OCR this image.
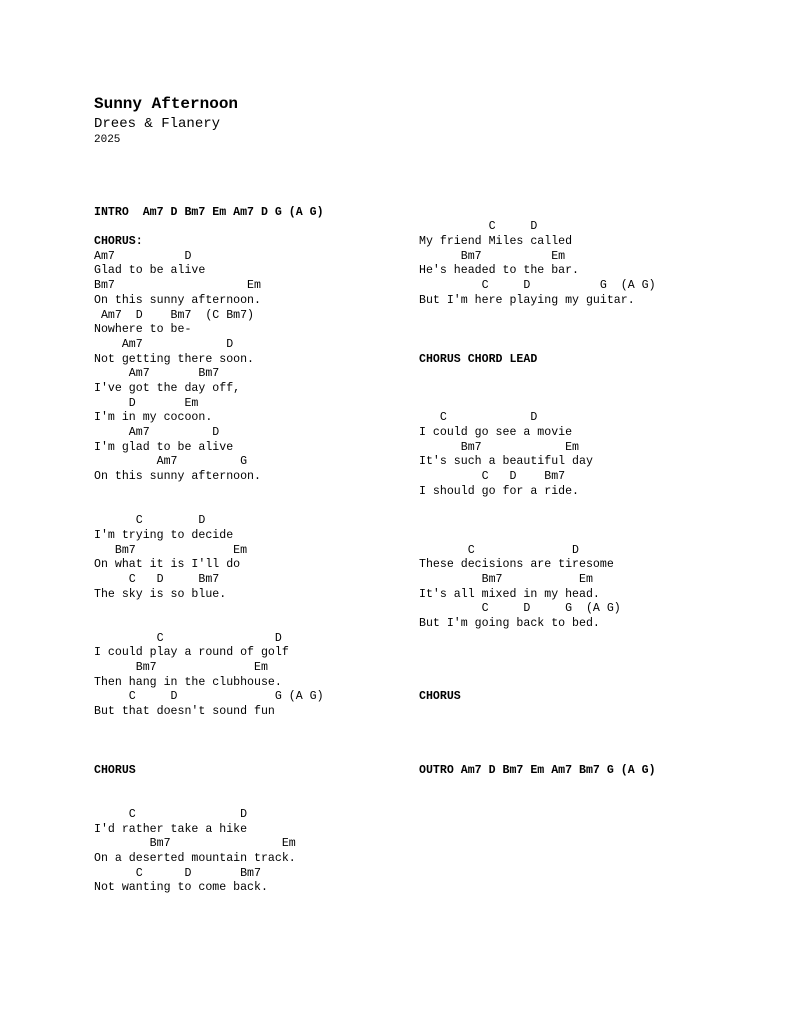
Sunny Afternoon
Drees & Flanery
2025
INTRO  Am7 D Bm7 Em Am7 D G (A G)
CHORUS:
Am7          D
Glad to be alive
Bm7                   Em
On this sunny afternoon.
Am7  D    Bm7  (C Bm7)
Nowhere to be-
Am7            D
Not getting there soon.
Am7       Bm7
I've got the day off,
D       Em
I'm in my cocoon.
Am7         D
I'm glad to be alive
Am7         G
On this sunny afternoon.
C        D
I'm trying to decide
Bm7              Em
On what it is I'll do
C   D     Bm7
The sky is so blue.
C                D
I could play a round of golf
Bm7              Em
Then hang in the clubhouse.
C     D              G (A G)
But that doesn't sound fun
CHORUS
C               D
I'd rather take a hike
Bm7                Em
On a deserted mountain track.
C      D       Bm7
Not wanting to come back.
C     D
My friend Miles called
Bm7          Em
He's headed to the bar.
C     D          G  (A G)
But I'm here playing my guitar.
CHORUS CHORD LEAD
C            D
I could go see a movie
Bm7            Em
It's such a beautiful day
C   D    Bm7
I should go for a ride.
C              D
These decisions are tiresome
Bm7           Em
It's all mixed in my head.
C     D     G  (A G)
But I'm going back to bed.
CHORUS
OUTRO Am7 D Bm7 Em Am7 Bm7 G (A G)
